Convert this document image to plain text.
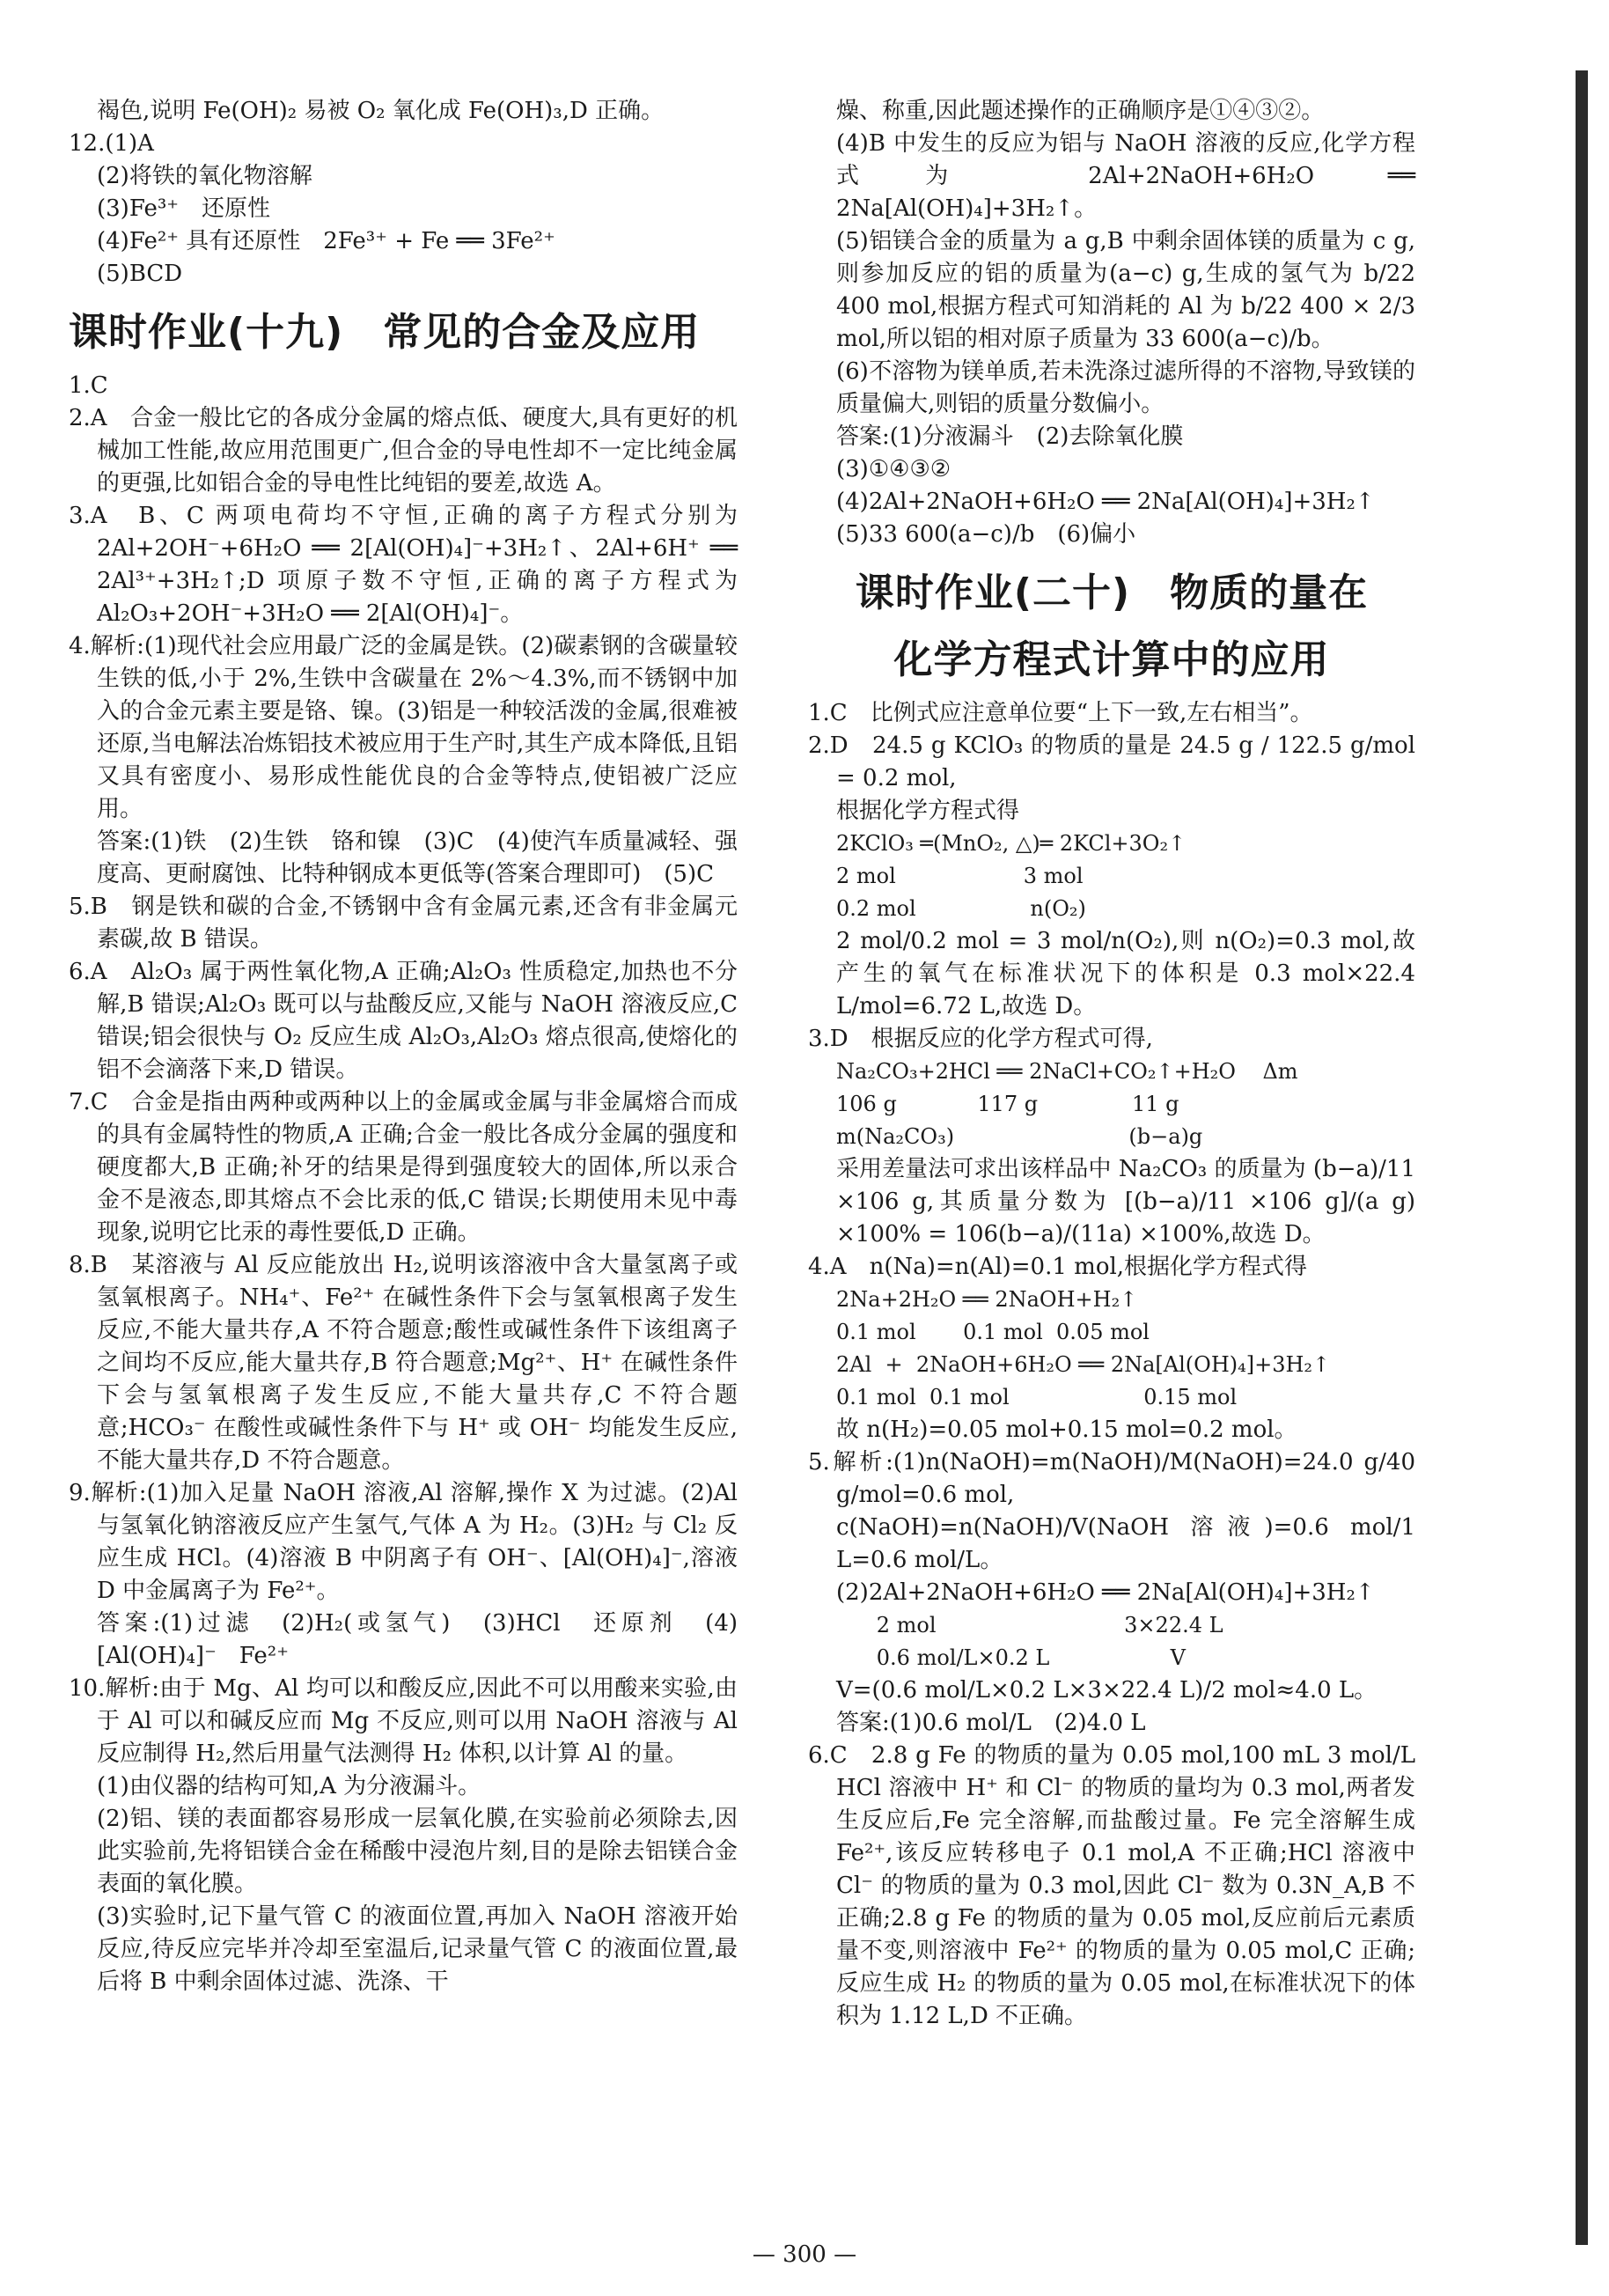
褐色,说明 Fe(OH)₂ 易被 O₂ 氧化成 Fe(OH)₃,D 正确。
12.(1)A
(2)将铁的氧化物溶解
(3)Fe³⁺　还原性
(4)Fe²⁺ 具有还原性　2Fe³⁺ + Fe ══ 3Fe²⁺
(5)BCD
课时作业(十九)　常见的合金及应用
1.C
2.A　合金一般比它的各成分金属的熔点低、硬度大,具有更好的机械加工性能,故应用范围更广,但合金的导电性却不一定比纯金属的更强,比如铝合金的导电性比纯铝的要差,故选 A。
3.A　B、C 两项电荷均不守恒,正确的离子方程式分别为 2Al+2OH⁻+6H₂O ══ 2[Al(OH)₄]⁻+3H₂↑、2Al+6H⁺ ══ 2Al³⁺+3H₂↑;D 项原子数不守恒,正确的离子方程式为 Al₂O₃+2OH⁻+3H₂O ══ 2[Al(OH)₄]⁻。
4.解析:(1)现代社会应用最广泛的金属是铁。(2)碳素钢的含碳量较生铁的低,小于 2%,生铁中含碳量在 2%～4.3%,而不锈钢中加入的合金元素主要是铬、镍。(3)铝是一种较活泼的金属,很难被还原,当电解法冶炼铝技术被应用于生产时,其生产成本降低,且铝又具有密度小、易形成性能优良的合金等特点,使铝被广泛应用。
答案:(1)铁　(2)生铁　铬和镍　(3)C　(4)使汽车质量减轻、强度高、更耐腐蚀、比特种钢成本更低等(答案合理即可)　(5)C
5.B　钢是铁和碳的合金,不锈钢中含有金属元素,还含有非金属元素碳,故 B 错误。
6.A　Al₂O₃ 属于两性氧化物,A 正确;Al₂O₃ 性质稳定,加热也不分解,B 错误;Al₂O₃ 既可以与盐酸反应,又能与 NaOH 溶液反应,C 错误;铝会很快与 O₂ 反应生成 Al₂O₃,Al₂O₃ 熔点很高,使熔化的铝不会滴落下来,D 错误。
7.C　合金是指由两种或两种以上的金属或金属与非金属熔合而成的具有金属特性的物质,A 正确;合金一般比各成分金属的强度和硬度都大,B 正确;补牙的结果是得到强度较大的固体,所以汞合金不是液态,即其熔点不会比汞的低,C 错误;长期使用未见中毒现象,说明它比汞的毒性要低,D 正确。
8.B　某溶液与 Al 反应能放出 H₂,说明该溶液中含大量氢离子或氢氧根离子。NH₄⁺、Fe²⁺ 在碱性条件下会与氢氧根离子发生反应,不能大量共存,A 不符合题意;酸性或碱性条件下该组离子之间均不反应,能大量共存,B 符合题意;Mg²⁺、H⁺ 在碱性条件下会与氢氧根离子发生反应,不能大量共存,C 不符合题意;HCO₃⁻ 在酸性或碱性条件下与 H⁺ 或 OH⁻ 均能发生反应,不能大量共存,D 不符合题意。
9.解析:(1)加入足量 NaOH 溶液,Al 溶解,操作 X 为过滤。(2)Al 与氢氧化钠溶液反应产生氢气,气体 A 为 H₂。(3)H₂ 与 Cl₂ 反应生成 HCl。(4)溶液 B 中阴离子有 OH⁻、[Al(OH)₄]⁻,溶液 D 中金属离子为 Fe²⁺。
答案:(1)过滤　(2)H₂(或氢气)　(3)HCl　还原剂　(4)[Al(OH)₄]⁻　Fe²⁺
10.解析:由于 Mg、Al 均可以和酸反应,因此不可以用酸来实验,由于 Al 可以和碱反应而 Mg 不反应,则可以用 NaOH 溶液与 Al 反应制得 H₂,然后用量气法测得 H₂ 体积,以计算 Al 的量。
(1)由仪器的结构可知,A 为分液漏斗。
(2)铝、镁的表面都容易形成一层氧化膜,在实验前必须除去,因此实验前,先将铝镁合金在稀酸中浸泡片刻,目的是除去铝镁合金表面的氧化膜。
(3)实验时,记下量气管 C 的液面位置,再加入 NaOH 溶液开始反应,待反应完毕并冷却至室温后,记录量气管 C 的液面位置,最后将 B 中剩余固体过滤、洗涤、干
燥、称重,因此题述操作的正确顺序是①④③②。
(4)B 中发生的反应为铝与 NaOH 溶液的反应,化学方程式为 2Al+2NaOH+6H₂O ══ 2Na[Al(OH)₄]+3H₂↑。
(5)铝镁合金的质量为 a g,B 中剩余固体镁的质量为 c g,则参加反应的铝的质量为(a−c) g,生成的氢气为 b/22 400 mol,根据方程式可知消耗的 Al 为 b/22 400 × 2/3 mol,所以铝的相对原子质量为 33 600(a−c)/b。
(6)不溶物为镁单质,若未洗涤过滤所得的不溶物,导致镁的质量偏大,则铝的质量分数偏小。
答案:(1)分液漏斗　(2)去除氧化膜
(3)①④③②
(4)2Al+2NaOH+6H₂O ══ 2Na[Al(OH)₄]+3H₂↑
(5)33 600(a−c)/b　(6)偏小
课时作业(二十)　物质的量在
化学方程式计算中的应用
1.C　比例式应注意单位要“上下一致,左右相当”。
2.D　24.5 g KClO₃ 的物质的量是 24.5 g / 122.5 g/mol = 0.2 mol,
根据化学方程式得
2KClO₃ ═(MnO₂, △)═ 2KCl+3O₂↑
2 mol                   3 mol
0.2 mol                 n(O₂)
2 mol/0.2 mol = 3 mol/n(O₂),则 n(O₂)=0.3 mol,故产生的氧气在标准状况下的体积是 0.3 mol×22.4 L/mol=6.72 L,故选 D。
3.D　根据反应的化学方程式可得,
Na₂CO₃+2HCl ══ 2NaCl+CO₂↑+H₂O    Δm
106 g            117 g              11 g
m(Na₂CO₃)                          (b−a)g
采用差量法可求出该样品中 Na₂CO₃ 的质量为 (b−a)/11 ×106 g,其质量分数为 [(b−a)/11 ×106 g]/(a g) ×100% = 106(b−a)/(11a) ×100%,故选 D。
4.A　n(Na)=n(Al)=0.1 mol,根据化学方程式得
2Na+2H₂O ══ 2NaOH+H₂↑
0.1 mol       0.1 mol  0.05 mol
2Al  +  2NaOH+6H₂O ══ 2Na[Al(OH)₄]+3H₂↑
0.1 mol  0.1 mol                    0.15 mol
故 n(H₂)=0.05 mol+0.15 mol=0.2 mol。
5.解析:(1)n(NaOH)=m(NaOH)/M(NaOH)=24.0 g/40 g/mol=0.6 mol,
c(NaOH)=n(NaOH)/V(NaOH 溶液)=0.6 mol/1 L=0.6 mol/L。
(2)2Al+2NaOH+6H₂O ══ 2Na[Al(OH)₄]+3H₂↑
2 mol                            3×22.4 L
0.6 mol/L×0.2 L                  V
V=(0.6 mol/L×0.2 L×3×22.4 L)/2 mol≈4.0 L。
答案:(1)0.6 mol/L　(2)4.0 L
6.C　2.8 g Fe 的物质的量为 0.05 mol,100 mL 3 mol/L HCl 溶液中 H⁺ 和 Cl⁻ 的物质的量均为 0.3 mol,两者发生反应后,Fe 完全溶解,而盐酸过量。Fe 完全溶解生成 Fe²⁺,该反应转移电子 0.1 mol,A 不正确;HCl 溶液中 Cl⁻ 的物质的量为 0.3 mol,因此 Cl⁻ 数为 0.3N_A,B 不正确;2.8 g Fe 的物质的量为 0.05 mol,反应前后元素质量不变,则溶液中 Fe²⁺ 的物质的量为 0.05 mol,C 正确;反应生成 H₂ 的物质的量为 0.05 mol,在标准状况下的体积为 1.12 L,D 不正确。
— 300 —
